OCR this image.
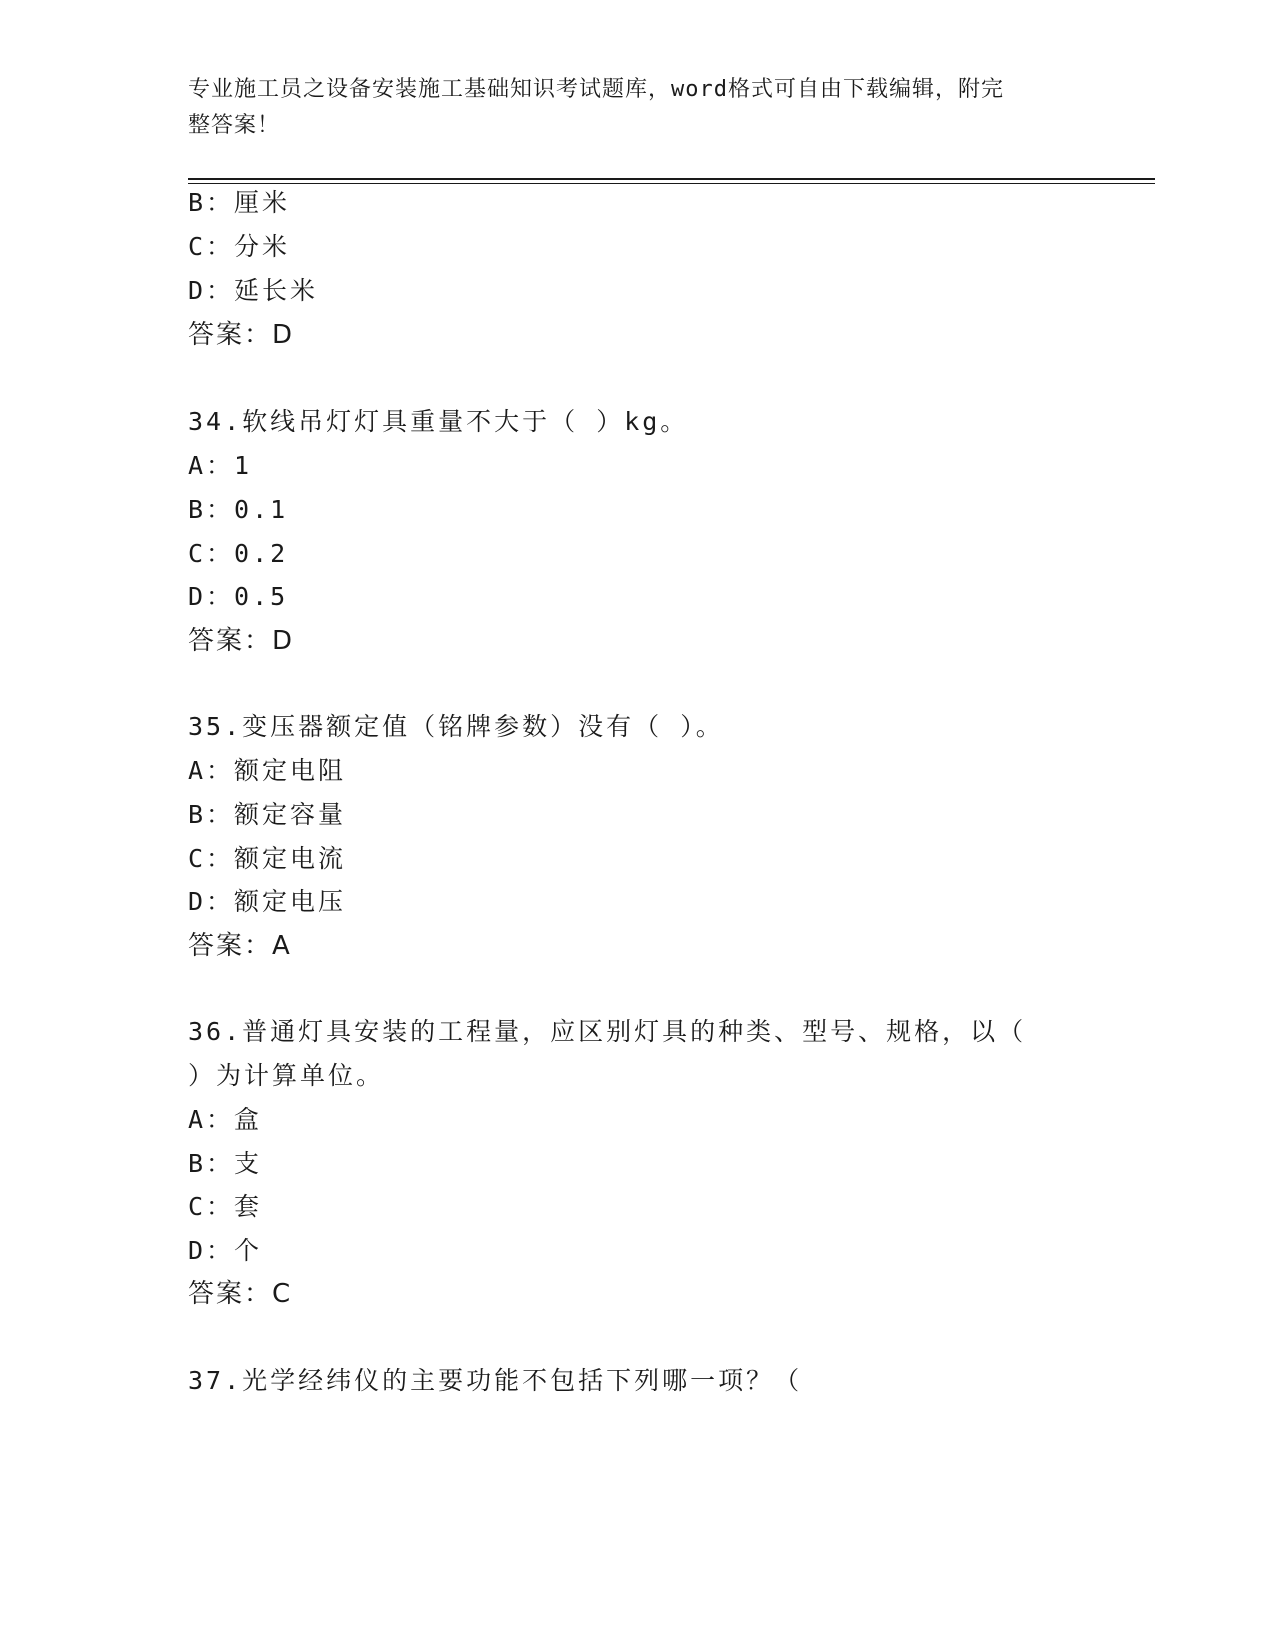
专业施工员之设备安装施工基础知识考试题库，word格式可自由下载编辑，附完
整答案！
B：厘米
C：分米
D：延长米
答案：D
34.软线吊灯灯具重量不大于（ ）kg。
A：1
B：0.1
C：0.2
D：0.5
答案：D
35.变压器额定值（铭牌参数）没有（ ）。
A：额定电阻
B：额定容量
C：额定电流
D：额定电压
答案：A
36.普通灯具安装的工程量，应区别灯具的种类、型号、规格，以（
）为计算单位。
A：盒
B：支
C：套
D：个
答案：C
37.光学经纬仪的主要功能不包括下列哪一项？（
